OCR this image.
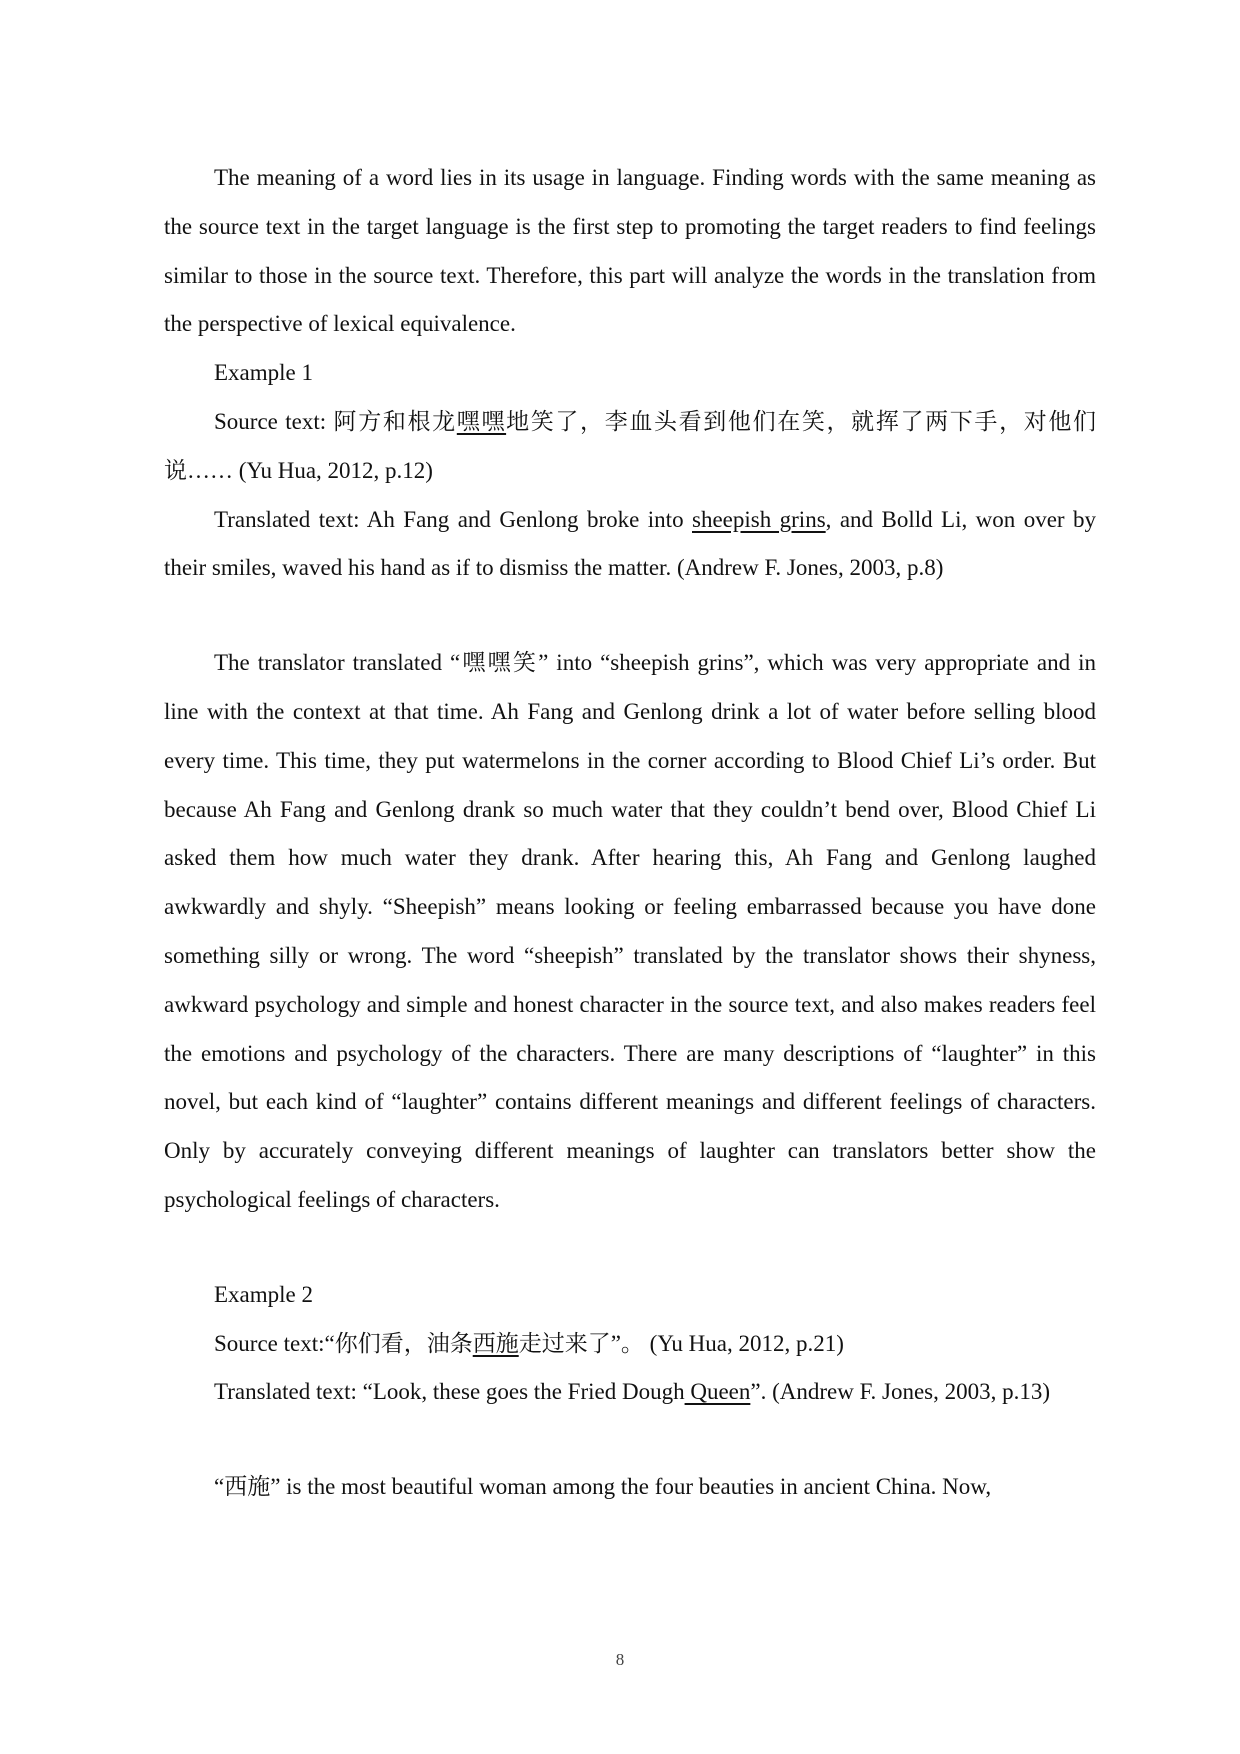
The meaning of a word lies in its usage in language. Finding words with the same meaning as the source text in the target language is the first step to promoting the target readers to find feelings similar to those in the source text. Therefore, this part will analyze the words in the translation from the perspective of lexical equivalence.

Example 1

Source text: 阿方和根龙嘿嘿地笑了，李血头看到他们在笑，就挥了两下手，对他们说…… (Yu Hua, 2012, p.12)

Translated text: Ah Fang and Genlong broke into sheepish grins, and Bolld Li, won over by their smiles, waved his hand as if to dismiss the matter. (Andrew F. Jones, 2003, p.8)

The translator translated “嘿嘿笑” into “sheepish grins”, which was very appropriate and in line with the context at that time. Ah Fang and Genlong drink a lot of water before selling blood every time. This time, they put watermelons in the corner according to Blood Chief Li’s order. But because Ah Fang and Genlong drank so much water that they couldn’t bend over, Blood Chief Li asked them how much water they drank. After hearing this, Ah Fang and Genlong laughed awkwardly and shyly. “Sheepish” means looking or feeling embarrassed because you have done something silly or wrong. The word “sheepish” translated by the translator shows their shyness, awkward psychology and simple and honest character in the source text, and also makes readers feel the emotions and psychology of the characters. There are many descriptions of “laughter” in this novel, but each kind of “laughter” contains different meanings and different feelings of characters. Only by accurately conveying different meanings of laughter can translators better show the psychological feelings of characters.

Example 2

Source text:“你们看，油条西施走过来了”。 (Yu Hua, 2012, p.21)

Translated text: “Look, these goes the Fried Dough Queen”. (Andrew F. Jones, 2003, p.13)

“西施” is the most beautiful woman among the four beauties in ancient China. Now,

8
